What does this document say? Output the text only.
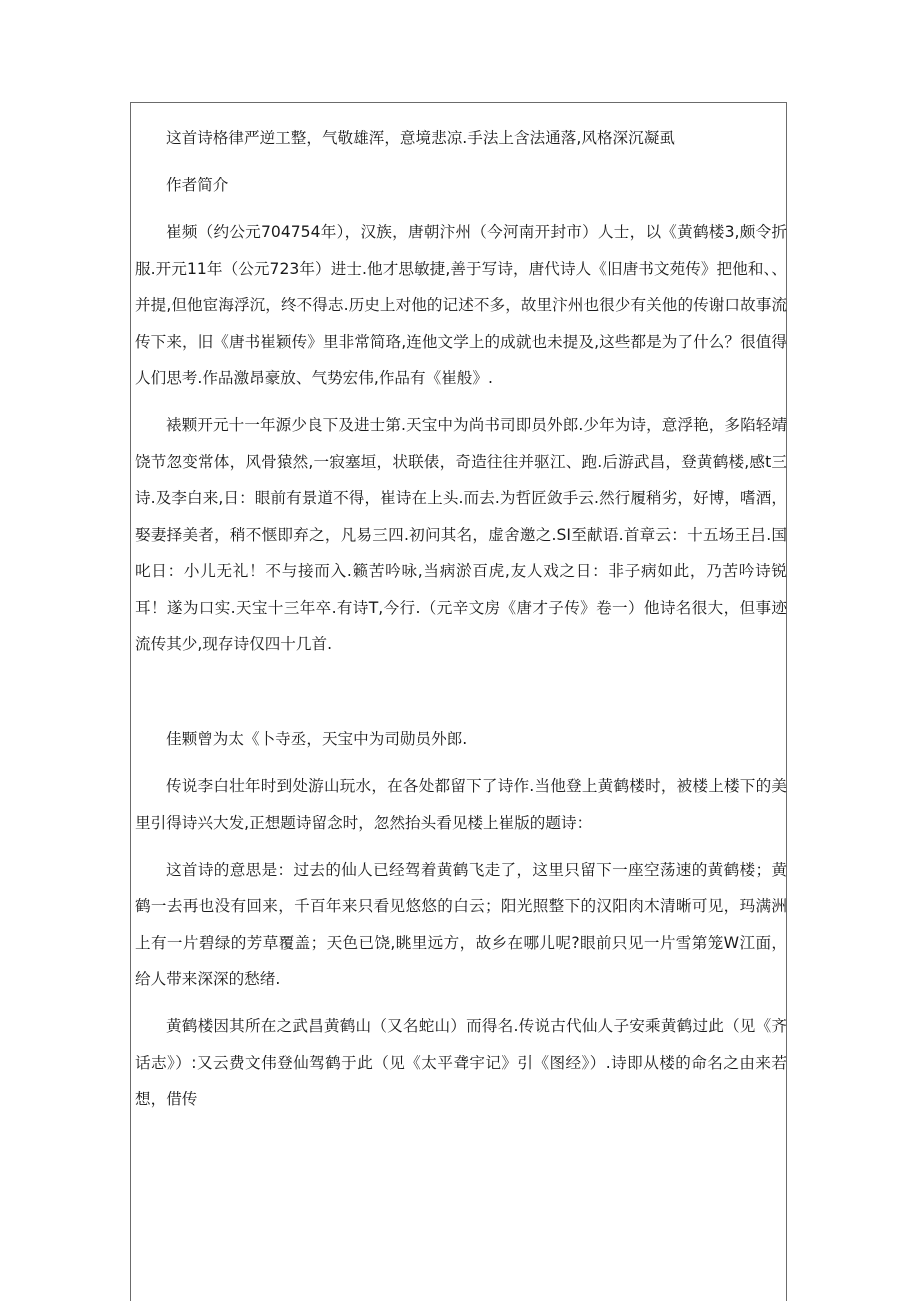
这首诗格律严逆工整，气敬雄浑，意境悲凉.手法上含法通落,风格深沉凝虱

作者简介

崔频（约公元704754年），汉族，唐朝汴州（今河南开封市）人士，以《黄鹤楼3,颇令折服.开元11年（公元723年）进士.他才思敏捷,善于写诗，唐代诗人《旧唐书文苑传》把他和、、并提,但他宦海浮沉，终不得志.历史上对他的记述不多，故里汴州也很少有关他的传谢口故事流传下来，旧《唐书崔颖传》里非常简珞,连他文学上的成就也未提及,这些都是为了什么？很值得人们思考.作品激昂豪放、气势宏伟,作品有《崔般》.

裱颗开元十一年源少良下及进士第.天宝中为尚书司即员外郎.少年为诗，意浮艳，多陷轻靖 饶节忽变常体，风骨猿然,一寂塞垣，状联俵，奇造往往并驱江、跑.后游武昌，登黄鹤楼,感t三诗.及李白来,日：眼前有景道不得，崔诗在上头.而去.为哲匠敛手云.然行履稍劣，好博，嗜酒，娶妻择美者，稍不惬即弃之，凡易三四.初问其名，虚舍邀之.SI至献语.首章云：十五场王吕.国叱日：小儿无礼！不与接而入.籁苦吟咏,当病淤百虎,友人戏之日：非子病如此，乃苦吟诗锐耳！遂为口实.天宝十三年卒.有诗T,今行.（元辛文房《唐才子传》卷一）他诗名很大，但事迹流传其少,现存诗仅四十几首.

佳颗曾为太《卜寺丞，天宝中为司勋员外郎.

传说李白壮年时到处游山玩水，在各处都留下了诗作.当他登上黄鹤楼时，被楼上楼下的美里引得诗兴大发,正想题诗留念时，忽然抬头看见楼上崔版的题诗：

这首诗的意思是：过去的仙人已经驾着黄鹤飞走了，这里只留下一座空荡速的黄鹤楼；黄鹤一去再也没有回来，千百年来只看见悠悠的白云；阳光照整下的汉阳肉木清晰可见，玛满洲上有一片碧绿的芳草覆盖；天色已饶,眺里远方，故乡在哪儿呢?眼前只见一片雪第笼W江面，给人带来深深的愁绪.

黄鹤楼因其所在之武昌黄鹤山（又名蛇山）而得名.传说古代仙人子安乘黄鹤过此（见《齐话志》）:又云费文伟登仙驾鹤于此（见《太平聋宇记》引《图经》）.诗即从楼的命名之由来若想，借传
